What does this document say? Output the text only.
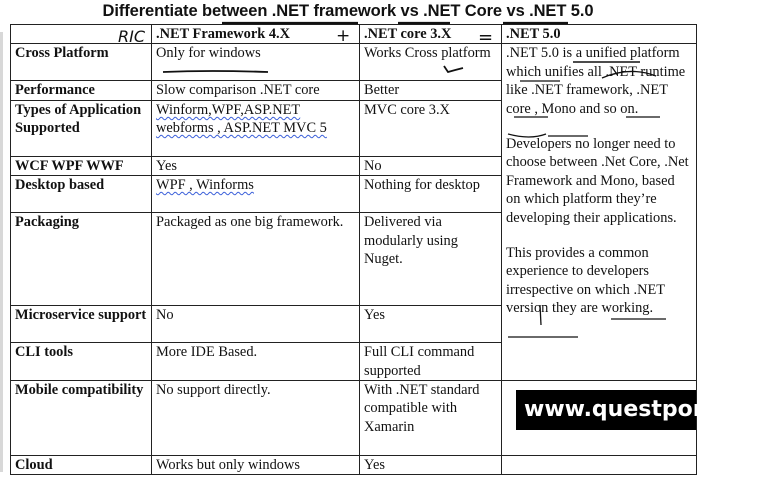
Differentiate between .NET framework vs .NET Core vs .NET 5.0
	.NET Framework 4.X	.NET core 3.X	.NET 5.0
Cross Platform	Only for windows	Works Cross platform	.NET 5.0 is a unified platform which unifies all .NET runtime like .NET framework, .NET core , Mono and so on.

Developers no longer need to choose between .Net Core, .Net Framework and Mono, based on which platform they’re developing their applications.

This provides a common experience to developers irrespective on which .NET version they are working.

Performance	Slow comparison .NET core	Better	
Types of Application Supported	Winform,WPF,ASP.NET webforms , ASP.NET MVC 5	MVC core 3.X	
WCF WPF WWF	Yes	No	
Desktop based	WPF , Winforms	Nothing for desktop	
Packaging	Packaged as one big framework.	Delivered via modularly using Nuget.	
Microservice support	No	Yes	
CLI tools	More IDE Based.	Full CLI command supported	
Mobile compatibility	No support directly.	With .NET standard compatible with Xamarin	
Cloud	Works but only windows	Yes	
RIC	+	=
www.questpond.com
